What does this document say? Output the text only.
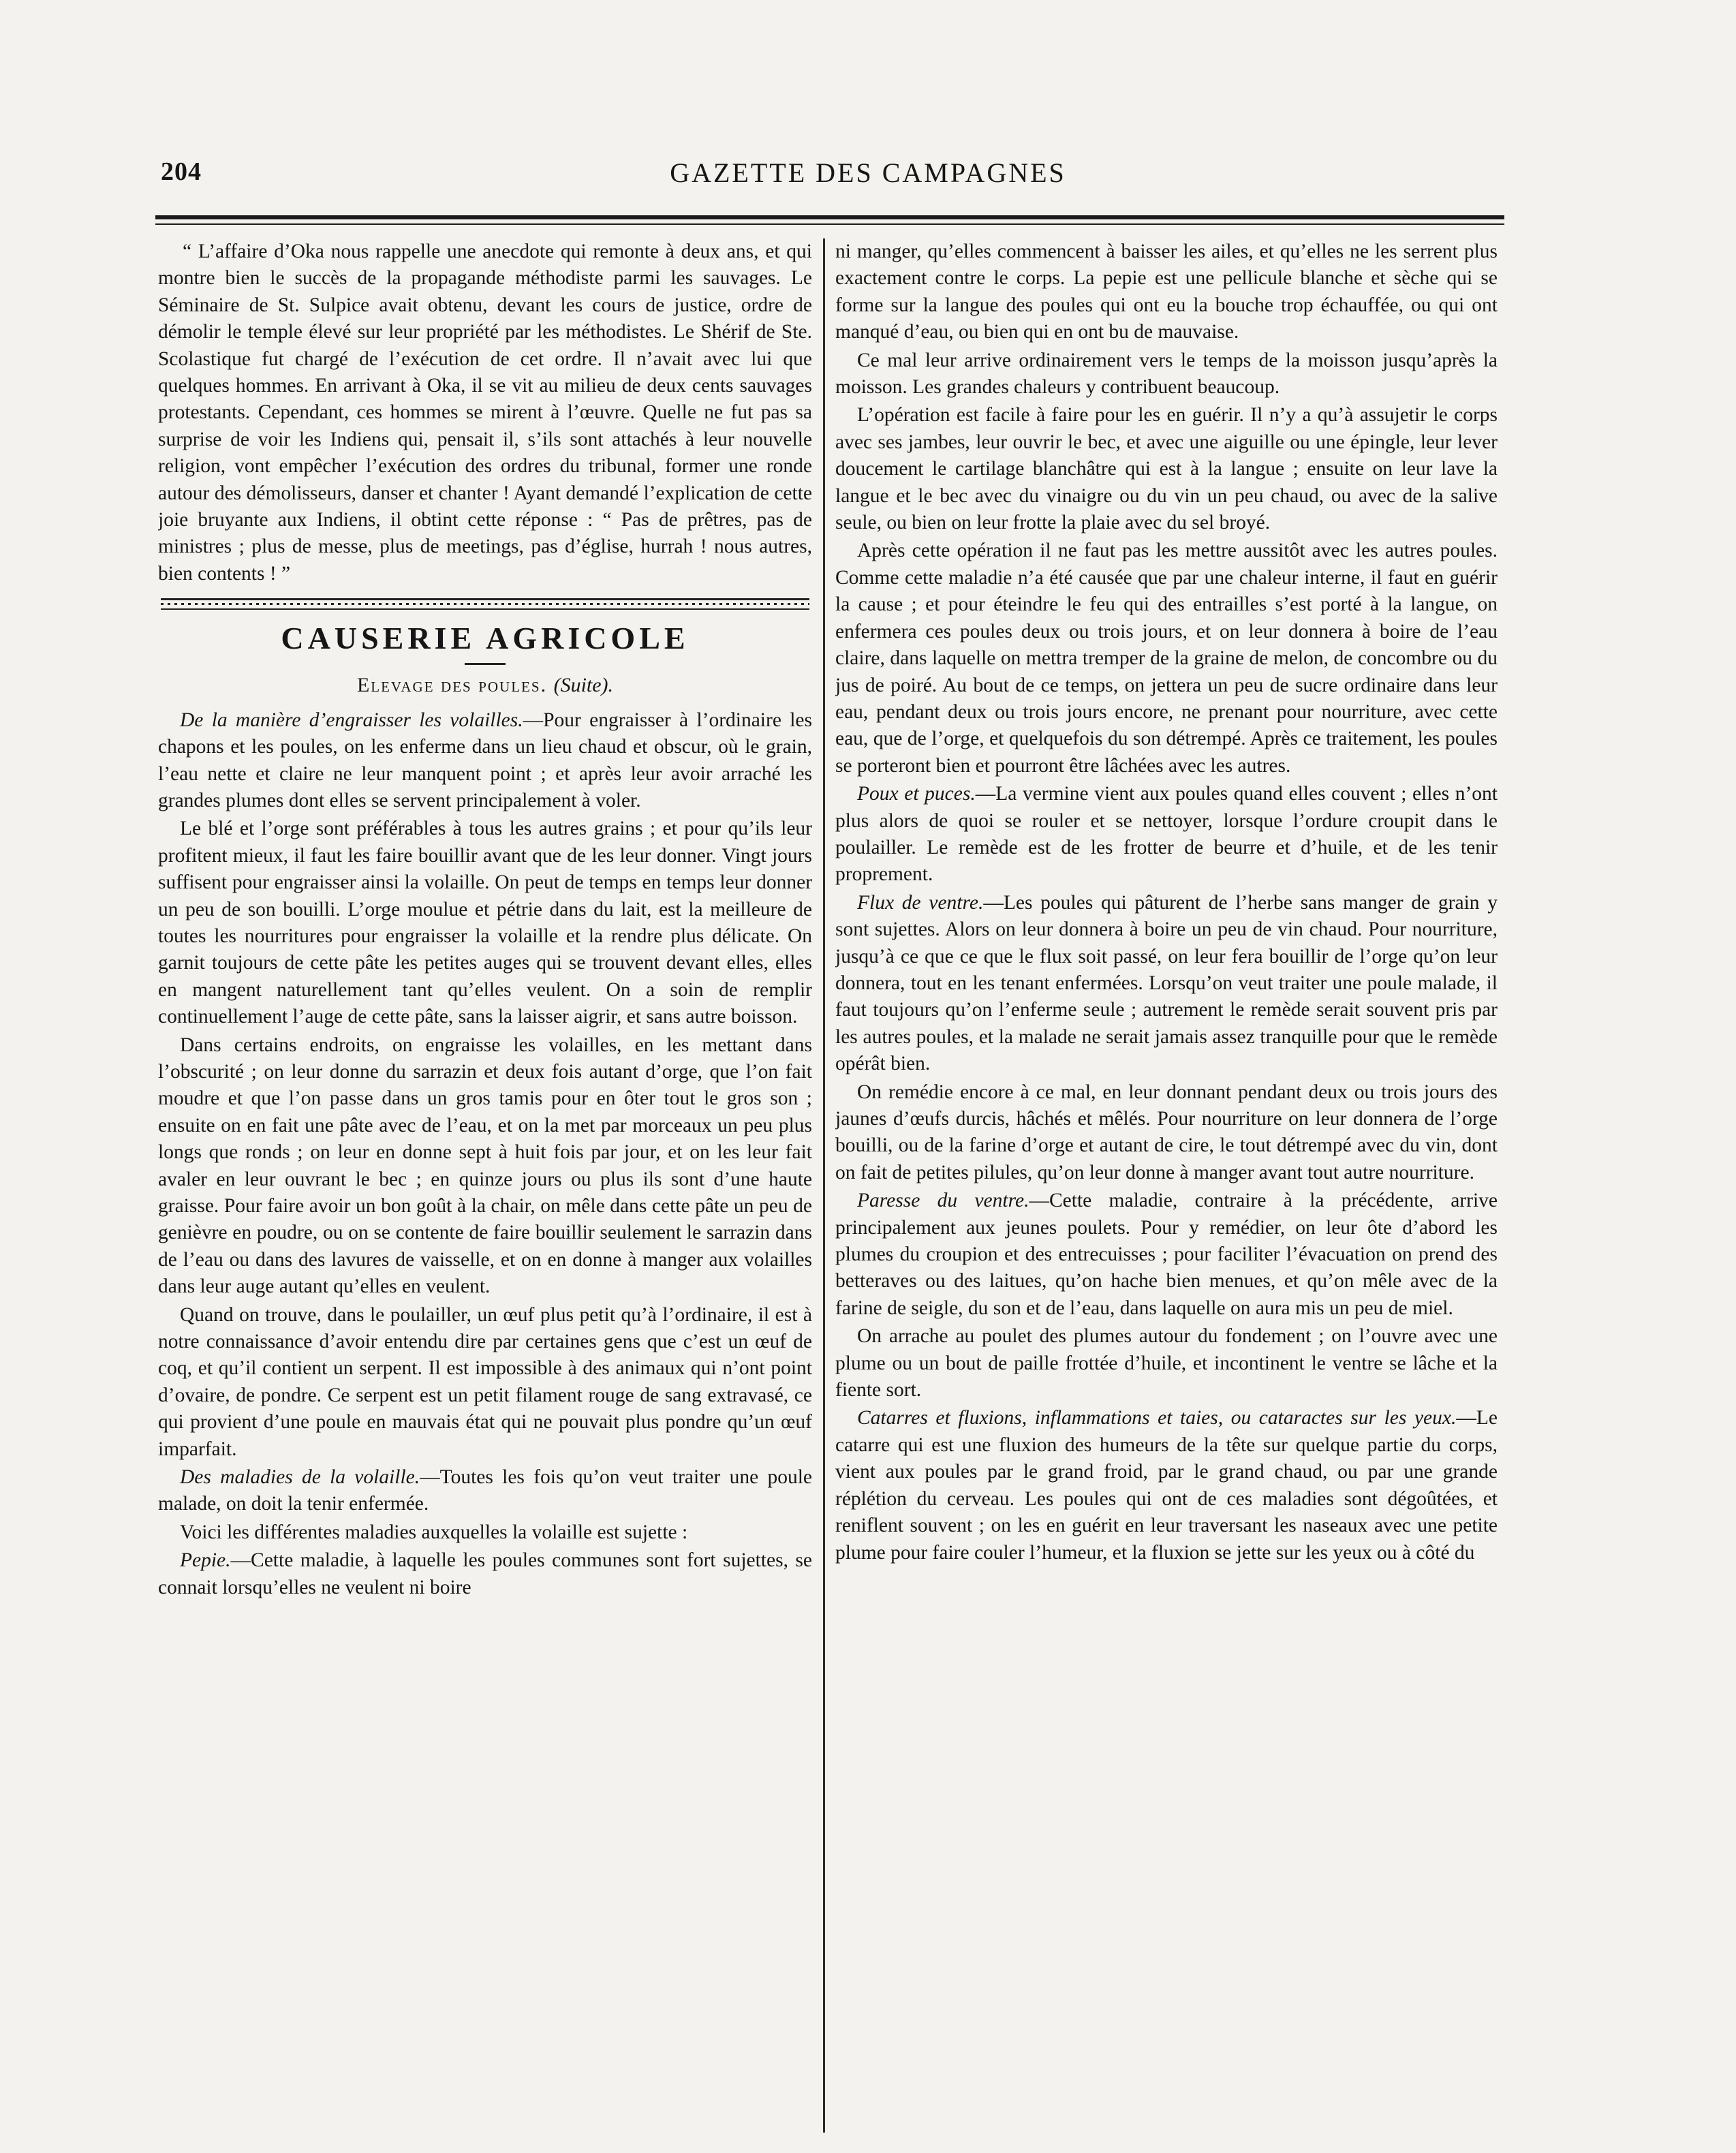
204	GAZETTE DES CAMPAGNES

“ L’affaire d’Oka nous rappelle une anecdote qui remonte à deux ans, et qui montre bien le succès de la propagande méthodiste parmi les sauvages. Le Séminaire de St. Sulpice avait obtenu, devant les cours de justice, ordre de démolir le temple élevé sur leur propriété par les méthodistes. Le Shérif de Ste. Scolastique fut chargé de l’exécution de cet ordre. Il n’avait avec lui que quelques hommes. En arrivant à Oka, il se vit au milieu de deux cents sauvages protestants. Cependant, ces hommes se mirent à l’œuvre. Quelle ne fut pas sa surprise de voir les Indiens qui, pensait il, s’ils sont attachés à leur nouvelle religion, vont empêcher l’exécution des ordres du tribunal, former une ronde autour des démolisseurs, danser et chanter ! Ayant demandé l’explication de cette joie bruyante aux Indiens, il obtint cette réponse : “ Pas de prêtres, pas de ministres ; plus de messe, plus de meetings, pas d’église, hurrah ! nous autres, bien contents ! ”

CAUSERIE AGRICOLE
Elevage des poules. (Suite).

De la manière d’engraisser les volailles.—Pour engraisser à l’ordinaire les chapons et les poules, on les enferme dans un lieu chaud et obscur, où le grain, l’eau nette et claire ne leur manquent point ; et après leur avoir arraché les grandes plumes dont elles se servent principalement à voler.

Le blé et l’orge sont préférables à tous les autres grains ; et pour qu’ils leur profitent mieux, il faut les faire bouillir avant que de les leur donner. Vingt jours suffisent pour engraisser ainsi la volaille. On peut de temps en temps leur donner un peu de son bouilli. L’orge moulue et pétrie dans du lait, est la meilleure de toutes les nourritures pour engraisser la volaille et la rendre plus délicate. On garnit toujours de cette pâte les petites auges qui se trouvent devant elles, elles en mangent naturellement tant qu’elles veulent. On a soin de remplir continuellement l’auge de cette pâte, sans la laisser aigrir, et sans autre boisson.

Dans certains endroits, on engraisse les volailles, en les mettant dans l’obscurité ; on leur donne du sarrazin et deux fois autant d’orge, que l’on fait moudre et que l’on passe dans un gros tamis pour en ôter tout le gros son ; ensuite on en fait une pâte avec de l’eau, et on la met par morceaux un peu plus longs que ronds ; on leur en donne sept à huit fois par jour, et on les leur fait avaler en leur ouvrant le bec ; en quinze jours ou plus ils sont d’une haute graisse. Pour faire avoir un bon goût à la chair, on mêle dans cette pâte un peu de genièvre en poudre, ou on se contente de faire bouillir seulement le sarrazin dans de l’eau ou dans des lavures de vaisselle, et on en donne à manger aux volailles dans leur auge autant qu’elles en veulent.

Quand on trouve, dans le poulailler, un œuf plus petit qu’à l’ordinaire, il est à notre connaissance d’avoir entendu dire par certaines gens que c’est un œuf de coq, et qu’il contient un serpent. Il est impossible à des animaux qui n’ont point d’ovaire, de pondre. Ce serpent est un petit filament rouge de sang extravasé, ce qui provient d’une poule en mauvais état qui ne pouvait plus pondre qu’un œuf imparfait.

Des maladies de la volaille.—Toutes les fois qu’on veut traiter une poule malade, on doit la tenir enfermée.

Voici les différentes maladies auxquelles la volaille est sujette :

Pepie.—Cette maladie, à laquelle les poules communes sont fort sujettes, se connait lorsqu’elles ne veulent ni boire

ni manger, qu’elles commencent à baisser les ailes, et qu’elles ne les serrent plus exactement contre le corps. La pepie est une pellicule blanche et sèche qui se forme sur la langue des poules qui ont eu la bouche trop échauffée, ou qui ont manqué d’eau, ou bien qui en ont bu de mauvaise.

Ce mal leur arrive ordinairement vers le temps de la moisson jusqu’après la moisson. Les grandes chaleurs y contribuent beaucoup.

L’opération est facile à faire pour les en guérir. Il n’y a qu’à assujetir le corps avec ses jambes, leur ouvrir le bec, et avec une aiguille ou une épingle, leur lever doucement le cartilage blanchâtre qui est à la langue ; ensuite on leur lave la langue et le bec avec du vinaigre ou du vin un peu chaud, ou avec de la salive seule, ou bien on leur frotte la plaie avec du sel broyé.

Après cette opération il ne faut pas les mettre aussitôt avec les autres poules. Comme cette maladie n’a été causée que par une chaleur interne, il faut en guérir la cause ; et pour éteindre le feu qui des entrailles s’est porté à la langue, on enfermera ces poules deux ou trois jours, et on leur donnera à boire de l’eau claire, dans laquelle on mettra tremper de la graine de melon, de concombre ou du jus de poiré. Au bout de ce temps, on jettera un peu de sucre ordinaire dans leur eau, pendant deux ou trois jours encore, ne prenant pour nourriture, avec cette eau, que de l’orge, et quelquefois du son détrempé. Après ce traitement, les poules se porteront bien et pourront être lâchées avec les autres.

Poux et puces.—La vermine vient aux poules quand elles couvent ; elles n’ont plus alors de quoi se rouler et se nettoyer, lorsque l’ordure croupit dans le poulailler. Le remède est de les frotter de beurre et d’huile, et de les tenir proprement.

Flux de ventre.—Les poules qui pâturent de l’herbe sans manger de grain y sont sujettes. Alors on leur donnera à boire un peu de vin chaud. Pour nourriture, jusqu’à ce que ce que le flux soit passé, on leur fera bouillir de l’orge qu’on leur donnera, tout en les tenant enfermées. Lorsqu’on veut traiter une poule malade, il faut toujours qu’on l’enferme seule ; autrement le remède serait souvent pris par les autres poules, et la malade ne serait jamais assez tranquille pour que le remède opérât bien.

On remédie encore à ce mal, en leur donnant pendant deux ou trois jours des jaunes d’œufs durcis, hâchés et mêlés. Pour nourriture on leur donnera de l’orge bouilli, ou de la farine d’orge et autant de cire, le tout détrempé avec du vin, dont on fait de petites pilules, qu’on leur donne à manger avant tout autre nourriture.

Paresse du ventre.—Cette maladie, contraire à la précédente, arrive principalement aux jeunes poulets. Pour y remédier, on leur ôte d’abord les plumes du croupion et des entrecuisses ; pour faciliter l’évacuation on prend des betteraves ou des laitues, qu’on hache bien menues, et qu’on mêle avec de la farine de seigle, du son et de l’eau, dans laquelle on aura mis un peu de miel.

On arrache au poulet des plumes autour du fondement ; on l’ouvre avec une plume ou un bout de paille frottée d’huile, et incontinent le ventre se lâche et la fiente sort.

Catarres et fluxions, inflammations et taies, ou cataractes sur les yeux.—Le catarre qui est une fluxion des humeurs de la tête sur quelque partie du corps, vient aux poules par le grand froid, par le grand chaud, ou par une grande réplétion du cerveau. Les poules qui ont de ces maladies sont dégoûtées, et reniflent souvent ; on les en guérit en leur traversant les naseaux avec une petite plume pour faire couler l’humeur, et la fluxion se jette sur les yeux ou à côté du
